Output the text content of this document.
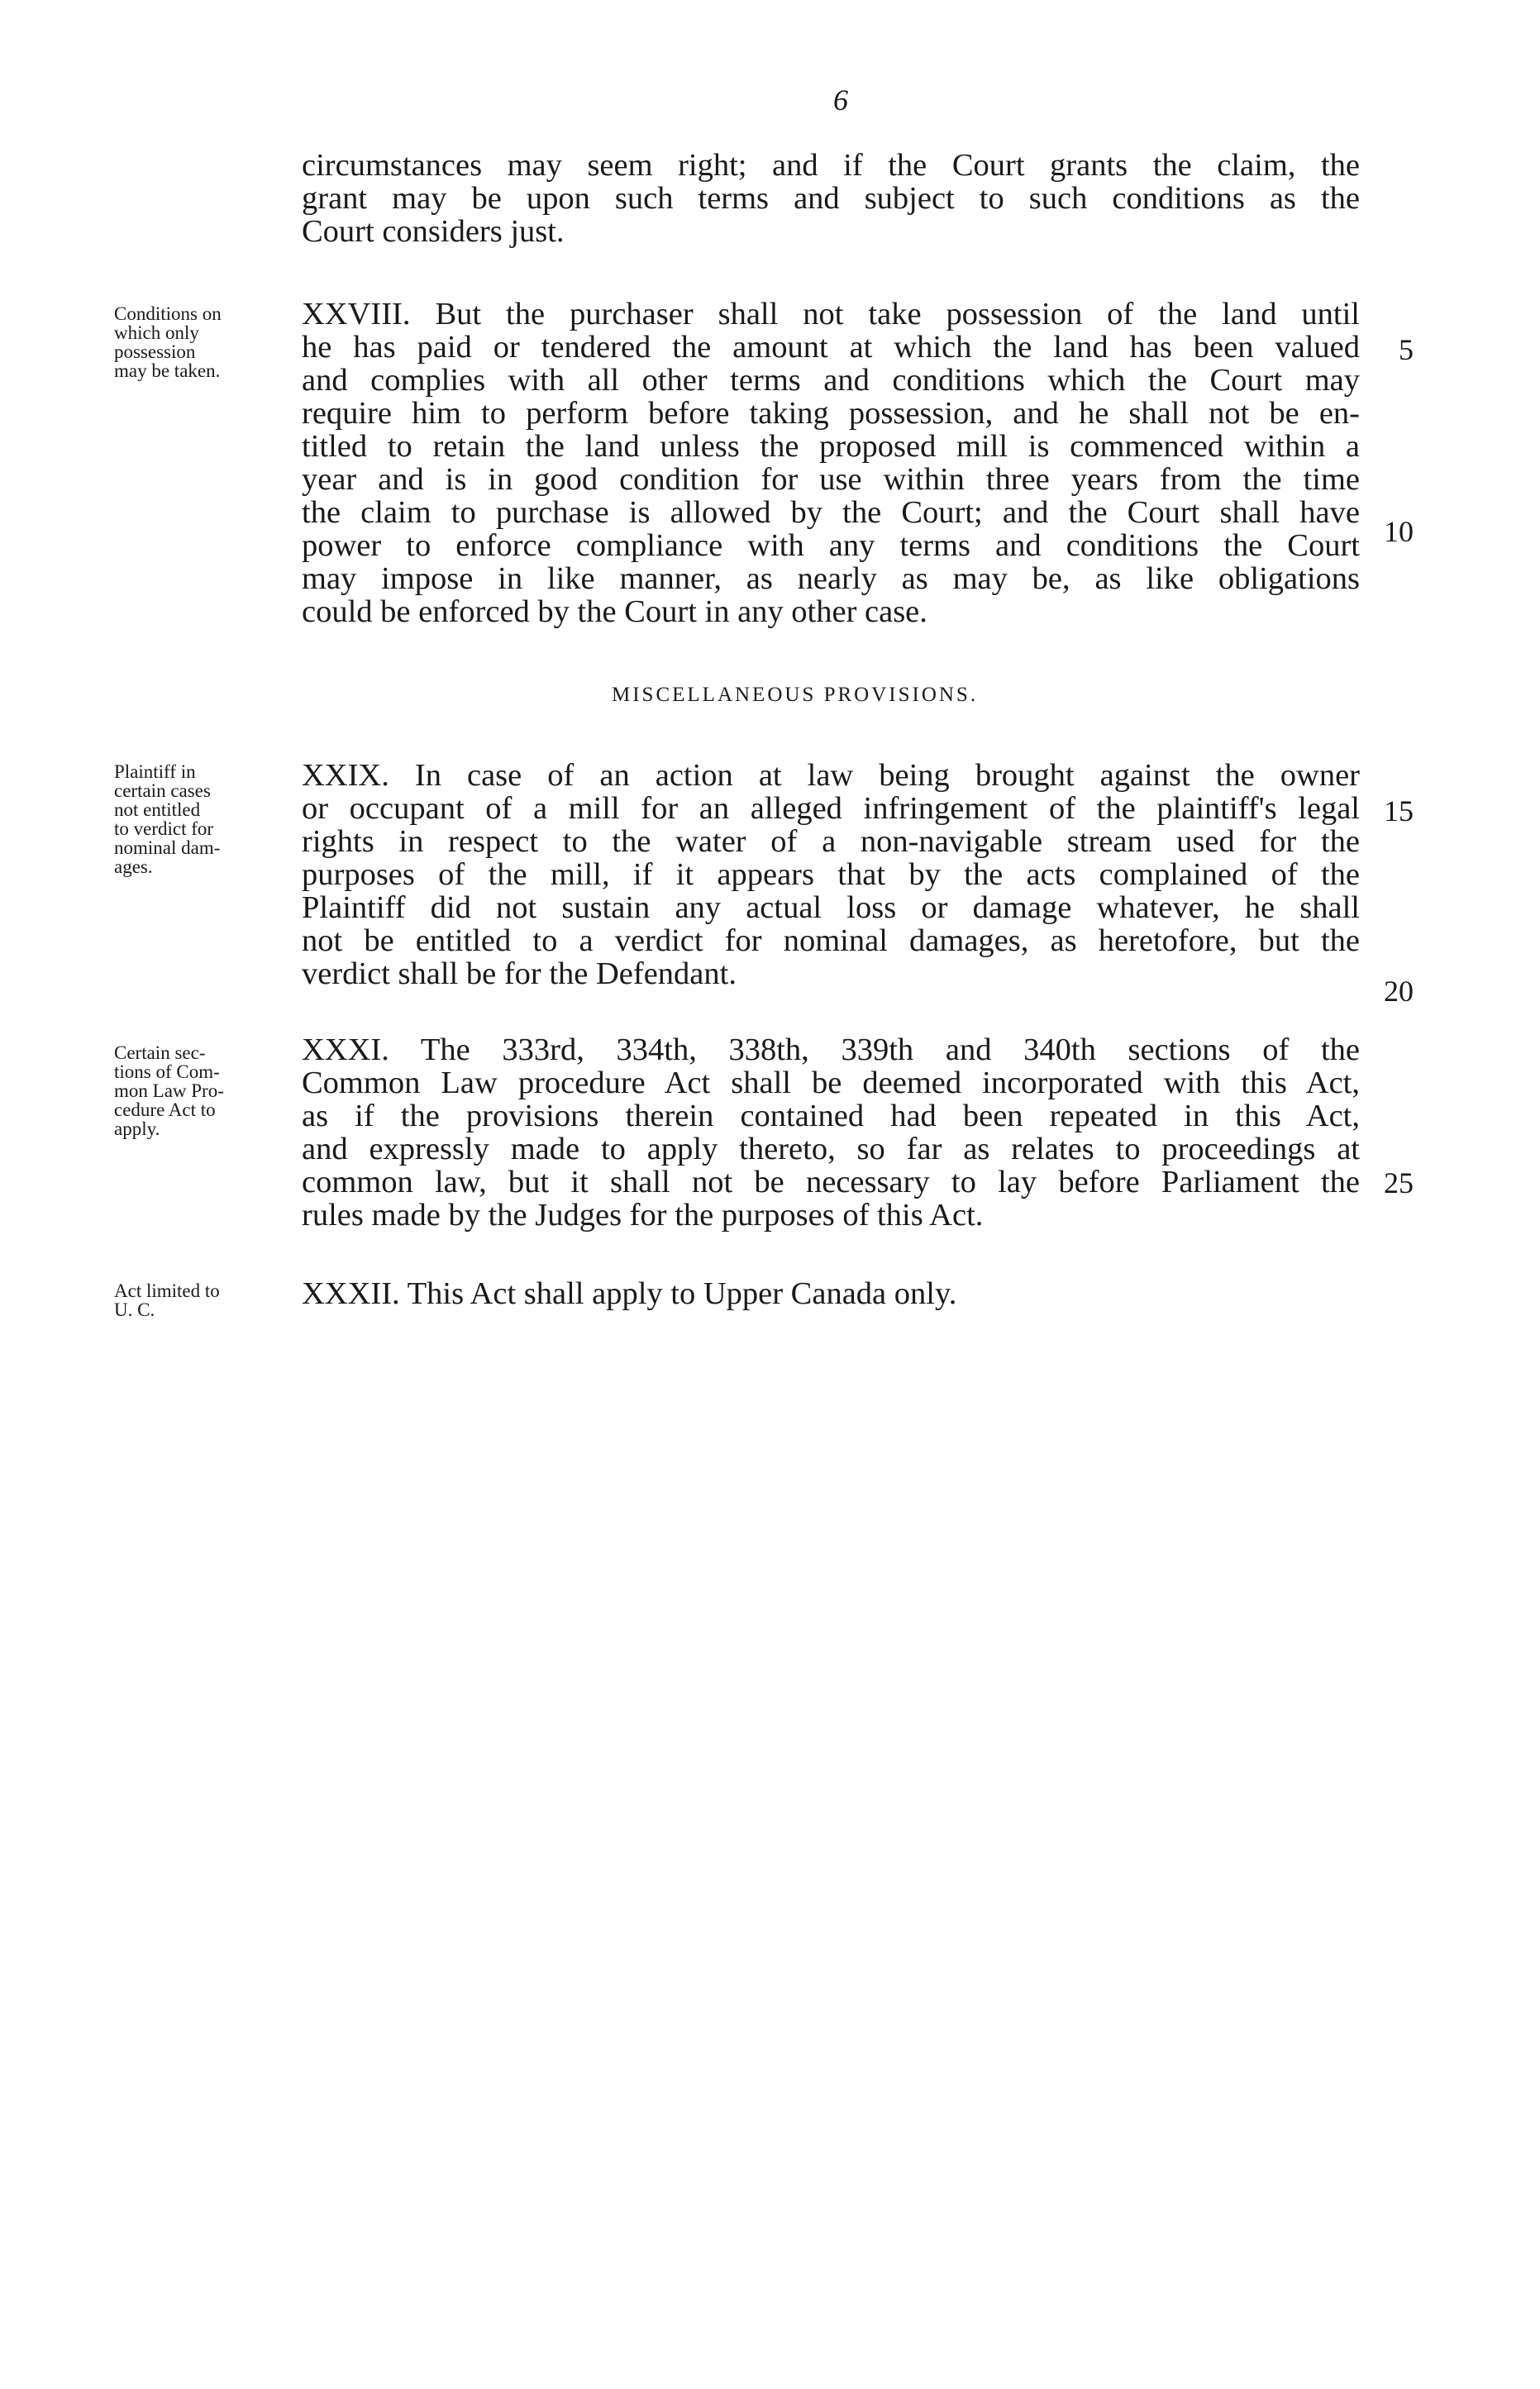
6
circumstances may seem right; and if the Court grants the claim, the
grant may be upon such terms and subject to such conditions as the
Court considers just.
Conditions on
which only
possession
may be taken.
XXVIII. But the purchaser shall not take possession of the land until
he has paid or tendered the amount at which the land has been valued
and complies with all other terms and conditions which the Court may
require him to perform before taking possession, and he shall not be en-
titled to retain the land unless the proposed mill is commenced within a
year and is in good condition for use within three years from the time
the claim to purchase is allowed by the Court; and the Court shall have
power to enforce compliance with any terms and conditions the Court
may impose in like manner, as nearly as may be, as like obligations
could be enforced by the Court in any other case.
5
10
MISCELLANEOUS PROVISIONS.
Plaintiff in
certain cases
not entitled
to verdict for
nominal dam-
ages.
XXIX. In case of an action at law being brought against the owner
or occupant of a mill for an alleged infringement of the plaintiff's legal
rights in respect to the water of a non-navigable stream used for the
purposes of the mill, if it appears that by the acts complained of the
Plaintiff did not sustain any actual loss or damage whatever, he shall
not be entitled to a verdict for nominal damages, as heretofore, but the
verdict shall be for the Defendant.
15
20
Certain sec-
tions of Com-
mon Law Pro-
cedure Act to
apply.
XXXI. The 333rd, 334th, 338th, 339th and 340th sections of the
Common Law procedure Act shall be deemed incorporated with this Act,
as if the provisions therein contained had been repeated in this Act,
and expressly made to apply thereto, so far as relates to proceedings at
common law, but it shall not be necessary to lay before Parliament the
rules made by the Judges for the purposes of this Act.
25
Act limited to
U. C.	XXXII. This Act shall apply to Upper Canada only.
